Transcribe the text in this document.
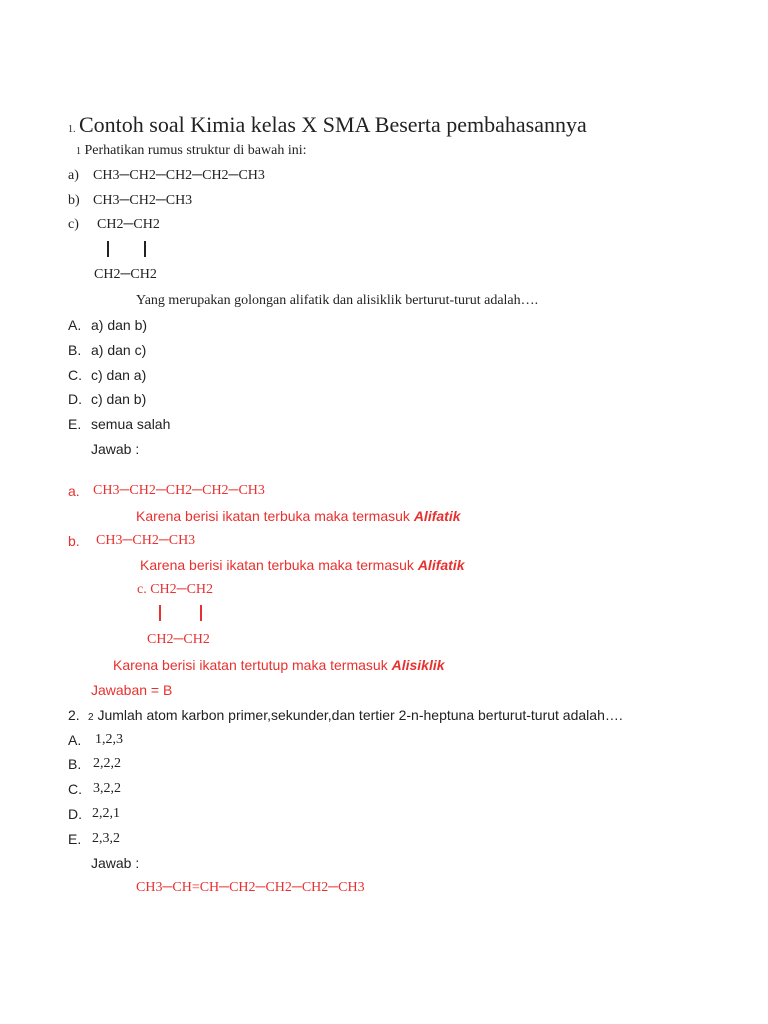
1. Contoh soal Kimia kelas X SMA Beserta pembahasannya
1 Perhatikan rumus struktur di bawah ini:
a) CH3─CH2─CH2─CH2─CH3
b) CH3─CH2─CH3
c) CH2─CH2
CH2─CH2
Yang merupakan golongan alifatik dan alisiklik berturut-turut adalah….
A. a) dan b)
B. a) dan c)
C. c) dan a)
D. c) dan b)
E. semua salah
Jawab :
a. CH3─CH2─CH2─CH2─CH3
Karena berisi ikatan terbuka maka termasuk Alifatik
b. CH3─CH2─CH3
Karena berisi ikatan terbuka maka termasuk Alifatik
c. CH2─CH2
CH2─CH2
Karena berisi ikatan tertutup maka termasuk Alisiklik
Jawaban = B
2. 2 Jumlah atom karbon primer,sekunder,dan tertier 2-n-heptuna berturut-turut adalah….
A. 1,2,3
B. 2,2,2
C. 3,2,2
D. 2,2,1
E. 2,3,2
Jawab :
CH3─CH=CH─CH2─CH2─CH2─CH3
